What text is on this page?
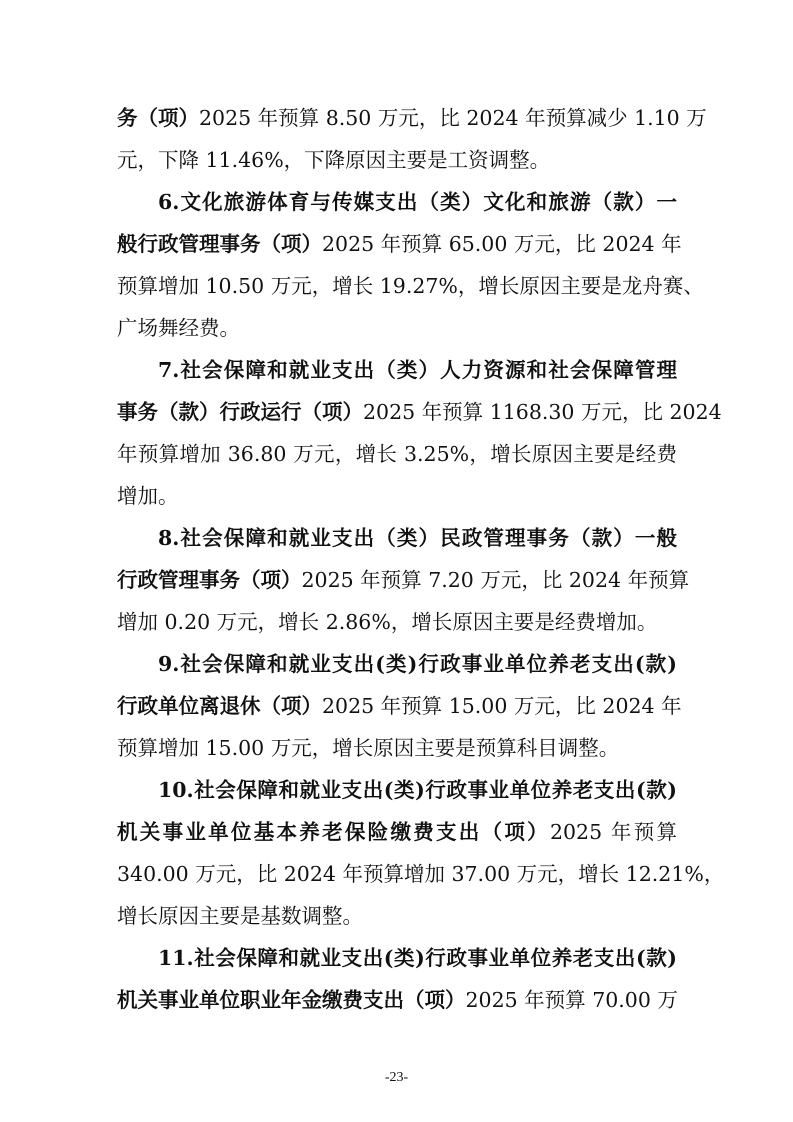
务（项）2025 年预算 8.50 万元，比 2024 年预算减少 1.10 万
元，下降 11.46%，下降原因主要是工资调整。
6.文化旅游体育与传媒支出（类）文化和旅游（款）一
般行政管理事务（项）2025 年预算 65.00 万元，比 2024 年
预算增加 10.50 万元，增长 19.27%，增长原因主要是龙舟赛、
广场舞经费。
7.社会保障和就业支出（类）人力资源和社会保障管理
事务（款）行政运行（项）2025 年预算 1168.30 万元，比 2024
年预算增加 36.80 万元，增长 3.25%，增长原因主要是经费
增加。
8.社会保障和就业支出（类）民政管理事务（款）一般
行政管理事务（项）2025 年预算 7.20 万元，比 2024 年预算
增加 0.20 万元，增长 2.86%，增长原因主要是经费增加。
9.社会保障和就业支出(类)行政事业单位养老支出(款)
行政单位离退休（项）2025 年预算 15.00 万元，比 2024 年
预算增加 15.00 万元，增长原因主要是预算科目调整。
10.社会保障和就业支出(类)行政事业单位养老支出(款)
机关事业单位基本养老保险缴费支出（项）2025 年预算
340.00 万元，比 2024 年预算增加 37.00 万元，增长 12.21%，
增长原因主要是基数调整。
11.社会保障和就业支出(类)行政事业单位养老支出(款)
机关事业单位职业年金缴费支出（项）2025 年预算 70.00 万
-23-
